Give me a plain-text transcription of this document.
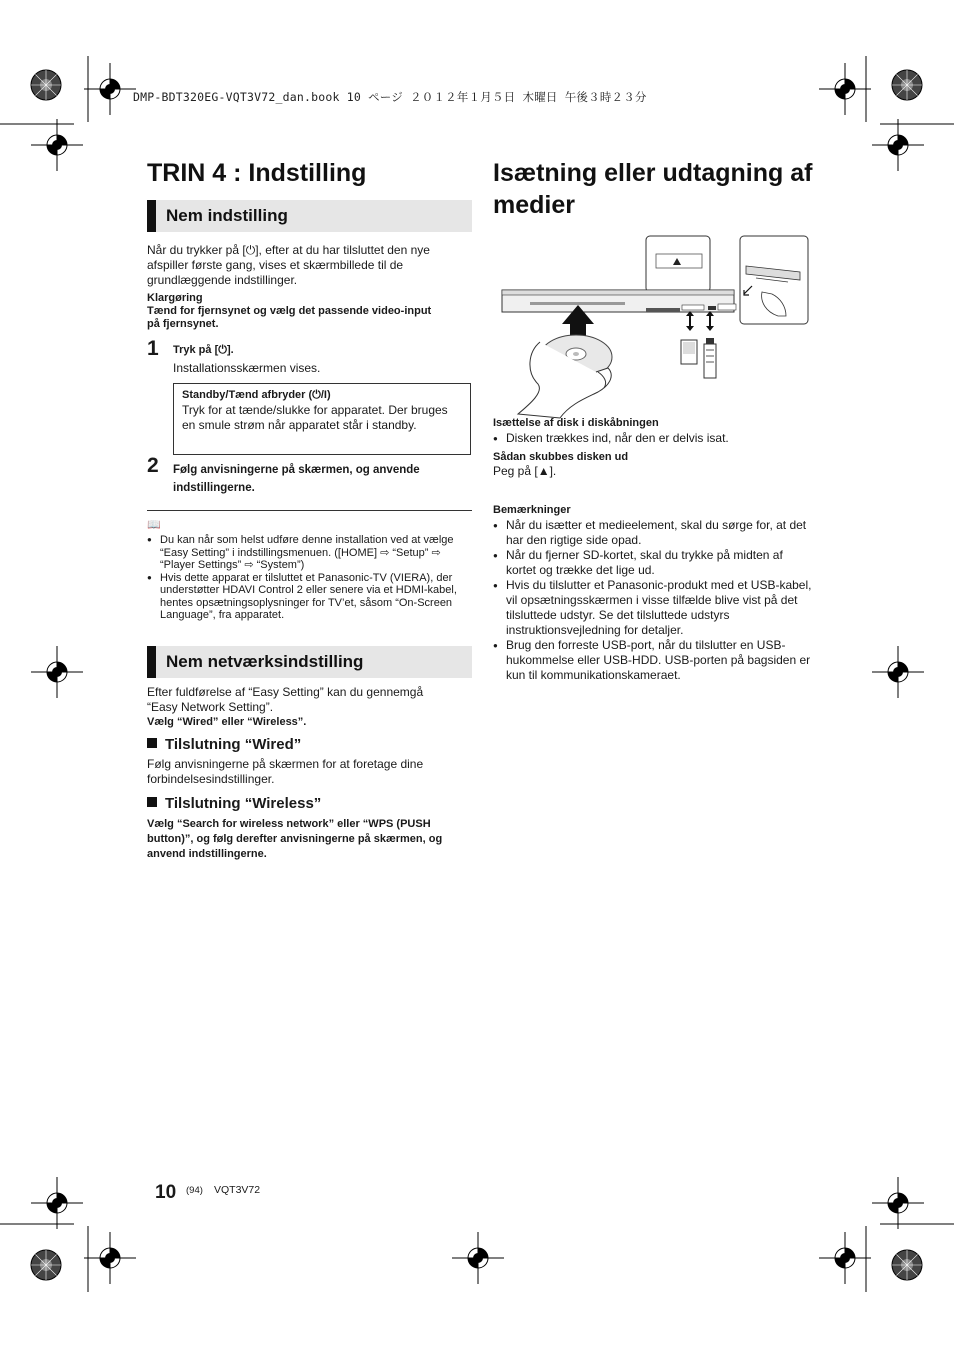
DMP-BDT320EG-VQT3V72_dan.book 10 ページ ２０１２年１月５日 木曜日 午後３時２３分
TRIN 4 : Indstilling
Nem indstilling

Når du trykker på [⏻], efter at du har tilsluttet den nye afspiller første gang, vises et skærmbillede til de grundlæggende indstillinger.

Klargøring

Tænd for fjernsynet og vælg det passende video-input på fjernsynet.

1 Tryk på [⏻].

Installationsskærmen vises.

Standby/Tænd afbryder (⏻/I)
Tryk for at tænde/slukke for apparatet. Der bruges en smule strøm når apparatet står i standby.
2 Følg anvisningerne på skærmen, og anvende indstillingerne.

📖
● Du kan når som helst udføre denne installation ved at vælge “Easy Setting” i indstillingsmenuen. ([HOME] ⇨ “Setup” ⇨ “Player Settings” ⇨ “System”)
● Hvis dette apparat er tilsluttet et Panasonic-TV (VIERA), der understøtter HDAVI Control 2 eller senere via et HDMI-kabel, hentes opsætningsoplysninger for TV’et, såsom “On-Screen Language”, fra apparatet.
Nem netværksindstilling

Efter fuldførelse af “Easy Setting” kan du gennemgå “Easy Network Setting”.

Vælg “Wired” eller “Wireless”.

Tilslutning “Wired”

Følg anvisningerne på skærmen for at foretage dine forbindelsesindstillinger.

Tilslutning “Wireless”

Vælg “Search for wireless network” eller “WPS (PUSH button)”, og følg derefter anvisningerne på skærmen, og anvend indstillingerne.

Isætning eller udtagning af medier

Isættelse af disk i diskåbningen

● Disken trækkes ind, når den er delvis isat.

Sådan skubbes disken ud

Peg på [▲].

Bemærkninger

● Når du isætter et medieelement, skal du sørge for, at det har den rigtige side opad.
● Når du fjerner SD-kortet, skal du trykke på midten af kortet og trække det lige ud.
● Hvis du tilslutter et Panasonic-produkt med et USB-kabel, vil opsætningsskærmen i visse tilfælde blive vist på det tilsluttede udstyr. Se det tilsluttede udstyrs instruktionsvejledning for detaljer.
● Brug den forreste USB-port, når du tilslutter en USB-hukommelse eller USB-HDD. USB-porten på bagsiden er kun til kommunikationskameraet.
10 (94) VQT3V72
